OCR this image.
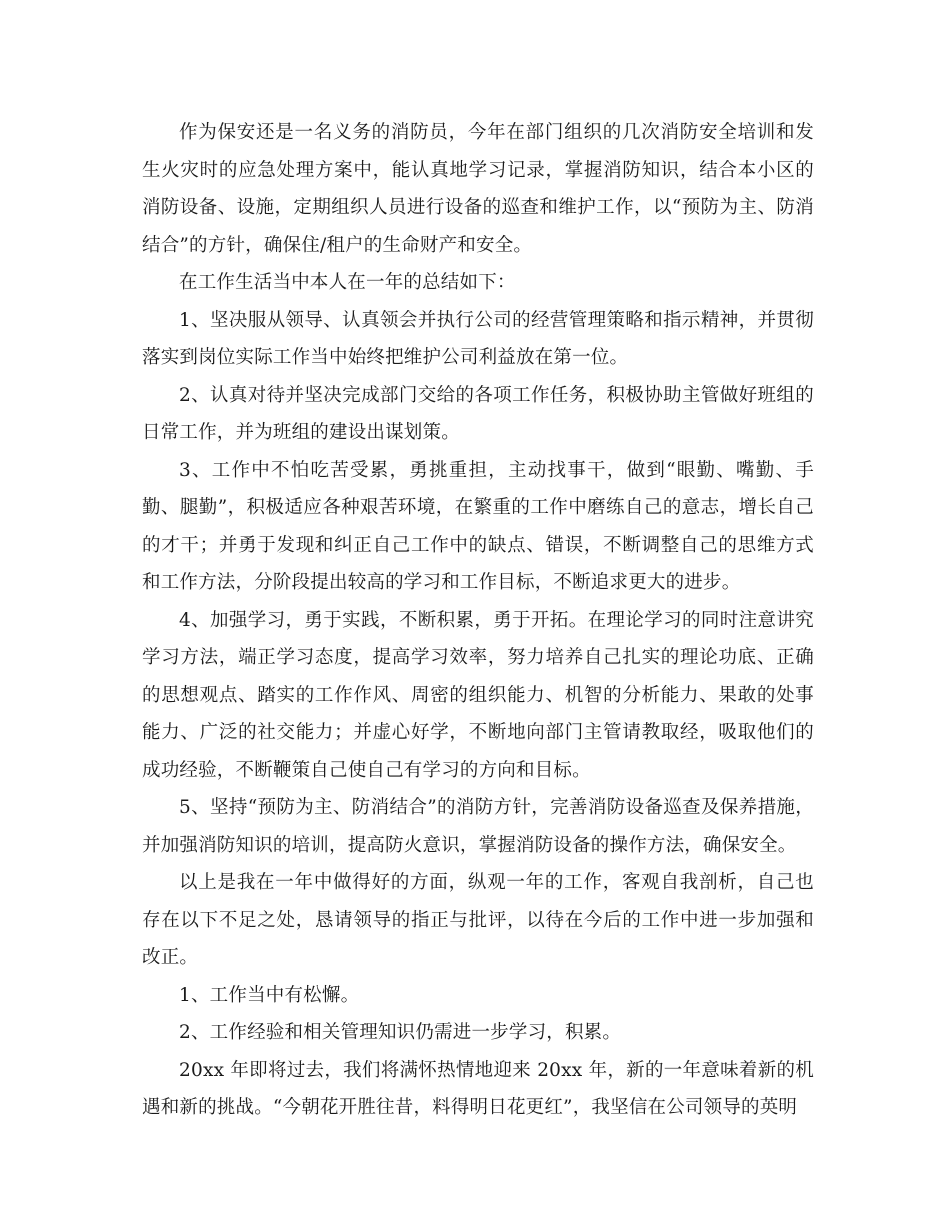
作为保安还是一名义务的消防员，今年在部门组织的几次消防安全培训和发生火灾时的应急处理方案中，能认真地学习记录，掌握消防知识，结合本小区的消防设备、设施，定期组织人员进行设备的巡查和维护工作，以“预防为主、防消结合”的方针，确保住/租户的生命财产和安全。

在工作生活当中本人在一年的总结如下：

1、坚决服从领导、认真领会并执行公司的经营管理策略和指示精神，并贯彻落实到岗位实际工作当中始终把维护公司利益放在第一位。

2、认真对待并坚决完成部门交给的各项工作任务，积极协助主管做好班组的日常工作，并为班组的建设出谋划策。

3、工作中不怕吃苦受累，勇挑重担，主动找事干，做到“眼勤、嘴勤、手勤、腿勤”，积极适应各种艰苦环境，在繁重的工作中磨练自己的意志，增长自己的才干；并勇于发现和纠正自己工作中的缺点、错误，不断调整自己的思维方式和工作方法，分阶段提出较高的学习和工作目标，不断追求更大的进步。

4、加强学习，勇于实践，不断积累，勇于开拓。在理论学习的同时注意讲究学习方法，端正学习态度，提高学习效率，努力培养自己扎实的理论功底、正确的思想观点、踏实的工作作风、周密的组织能力、机智的分析能力、果敢的处事能力、广泛的社交能力；并虚心好学，不断地向部门主管请教取经，吸取他们的成功经验，不断鞭策自己使自己有学习的方向和目标。

5、坚持“预防为主、防消结合”的消防方针，完善消防设备巡查及保养措施，并加强消防知识的培训，提高防火意识，掌握消防设备的操作方法，确保安全。

以上是我在一年中做得好的方面，纵观一年的工作，客观自我剖析，自己也存在以下不足之处，恳请领导的指正与批评，以待在今后的工作中进一步加强和改正。

1、工作当中有松懈。

2、工作经验和相关管理知识仍需进一步学习，积累。

20xx 年即将过去，我们将满怀热情地迎来 20xx 年，新的一年意味着新的机遇和新的挑战。“今朝花开胜往昔，料得明日花更红”，我坚信在公司领导的英明
